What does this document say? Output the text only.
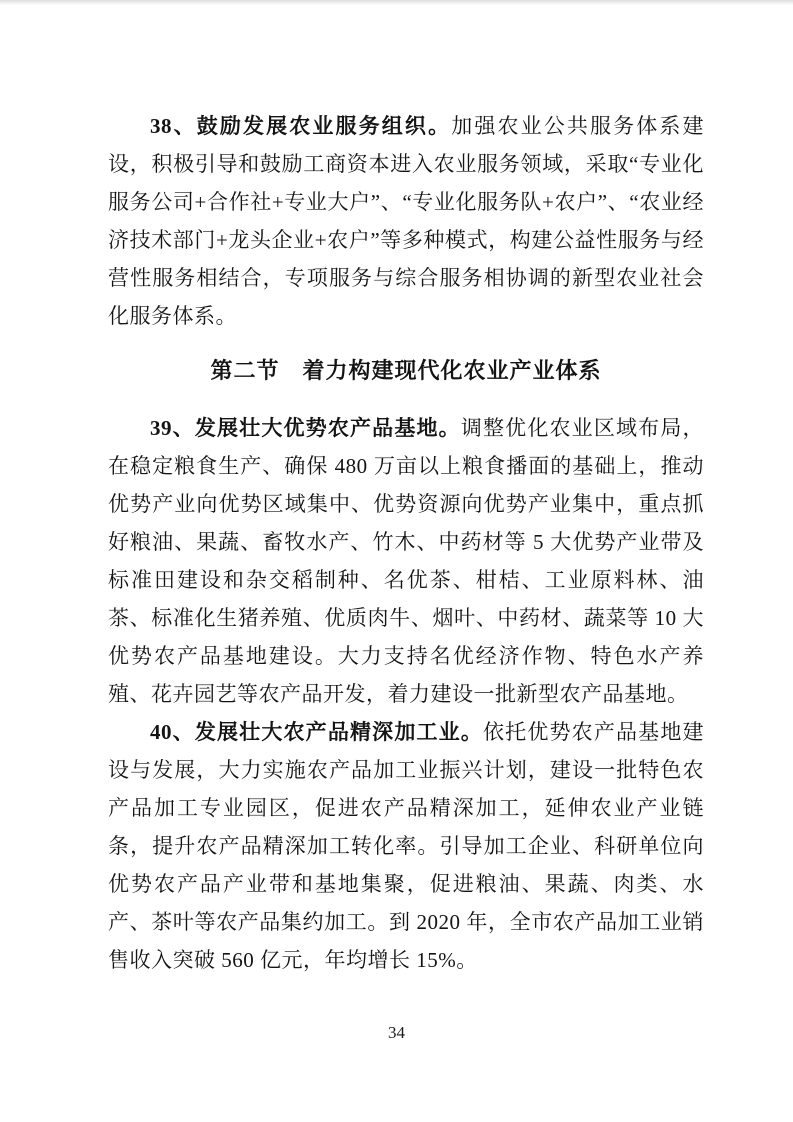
38、鼓励发展农业服务组织。加强农业公共服务体系建设，积极引导和鼓励工商资本进入农业服务领域，采取“专业化服务公司+合作社+专业大户”、“专业化服务队+农户”、“农业经济技术部门+龙头企业+农户”等多种模式，构建公益性服务与经营性服务相结合，专项服务与综合服务相协调的新型农业社会化服务体系。

第二节　着力构建现代化农业产业体系

39、发展壮大优势农产品基地。调整优化农业区域布局，在稳定粮食生产、确保 480 万亩以上粮食播面的基础上，推动优势产业向优势区域集中、优势资源向优势产业集中，重点抓好粮油、果蔬、畜牧水产、竹木、中药材等 5 大优势产业带及标准田建设和杂交稻制种、名优茶、柑桔、工业原料林、油茶、标准化生猪养殖、优质肉牛、烟叶、中药材、蔬菜等 10 大优势农产品基地建设。大力支持名优经济作物、特色水产养殖、花卉园艺等农产品开发，着力建设一批新型农产品基地。

40、发展壮大农产品精深加工业。依托优势农产品基地建设与发展，大力实施农产品加工业振兴计划，建设一批特色农产品加工专业园区，促进农产品精深加工，延伸农业产业链条，提升农产品精深加工转化率。引导加工企业、科研单位向优势农产品产业带和基地集聚，促进粮油、果蔬、肉类、水产、茶叶等农产品集约加工。到 2020 年，全市农产品加工业销售收入突破 560 亿元，年均增长 15%。

34
